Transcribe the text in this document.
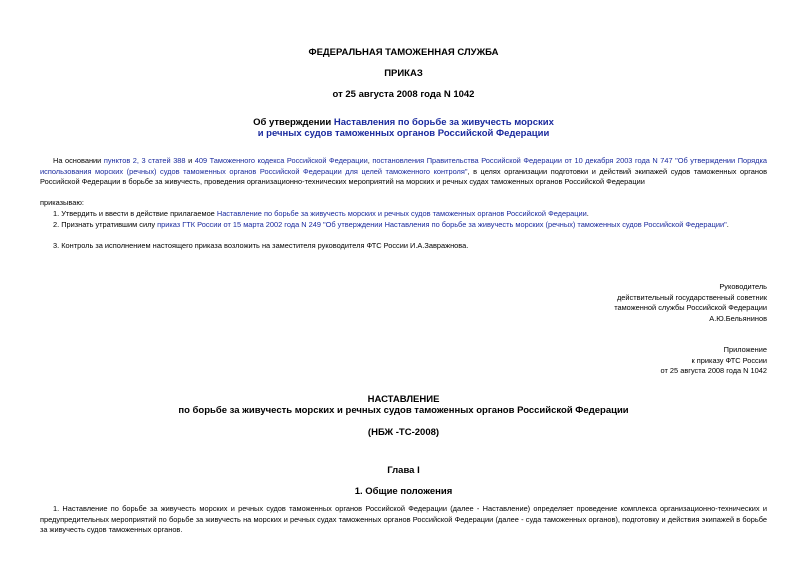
ФЕДЕРАЛЬНАЯ ТАМОЖЕННАЯ СЛУЖБА
ПРИКАЗ
от 25 августа 2008 года N 1042
Об утверждении Наставления по борьбе за живучесть морских
и речных судов таможенных органов Российской Федерации
На основании пунктов 2, 3 статей 388 и 409 Таможенного кодекса Российской Федерации, постановления Правительства Российской Федерации от 10 декабря 2003 года N 747 "Об утверждении Порядка использования морских (речных) судов таможенных органов Российской Федерации для целей таможенного контроля", в целях организации подготовки и действий экипажей судов таможенных органов Российской Федерации в борьбе за живучесть, проведения организационно-технических мероприятий на морских и речных судах таможенных органов Российской Федерации
приказываю:
1. Утвердить и ввести в действие прилагаемое Наставление по борьбе за живучесть морских и речных судов таможенных органов Российской Федерации.
2. Признать утратившим силу приказ ГТК России от 15 марта 2002 года N 249 "Об утверждении Наставления по борьбе за живучесть морских (речных) таможенных судов Российской Федерации".
3. Контроль за исполнением настоящего приказа возложить на заместителя руководителя ФТС России И.А.Завражнова.
Руководитель
действительный государственный советник
таможенной службы Российской Федерации
А.Ю.Бельянинов
Приложение
к приказу ФТС России
от 25 августа 2008 года N 1042
НАСТАВЛЕНИЕ
по борьбе за живучесть морских и речных судов таможенных органов Российской Федерации
(НБЖ -ТС-2008)
Глава I
1. Общие положения
1. Наставление по борьбе за живучесть морских и речных судов таможенных органов Российской Федерации (далее - Наставление) определяет проведение комплекса организационно-технических и предупредительных мероприятий по борьбе за живучесть на морских и речных судах таможенных органов Российской Федерации (далее - суда таможенных органов), подготовку и действия экипажей в борьбе за живучесть судов таможенных органов.
